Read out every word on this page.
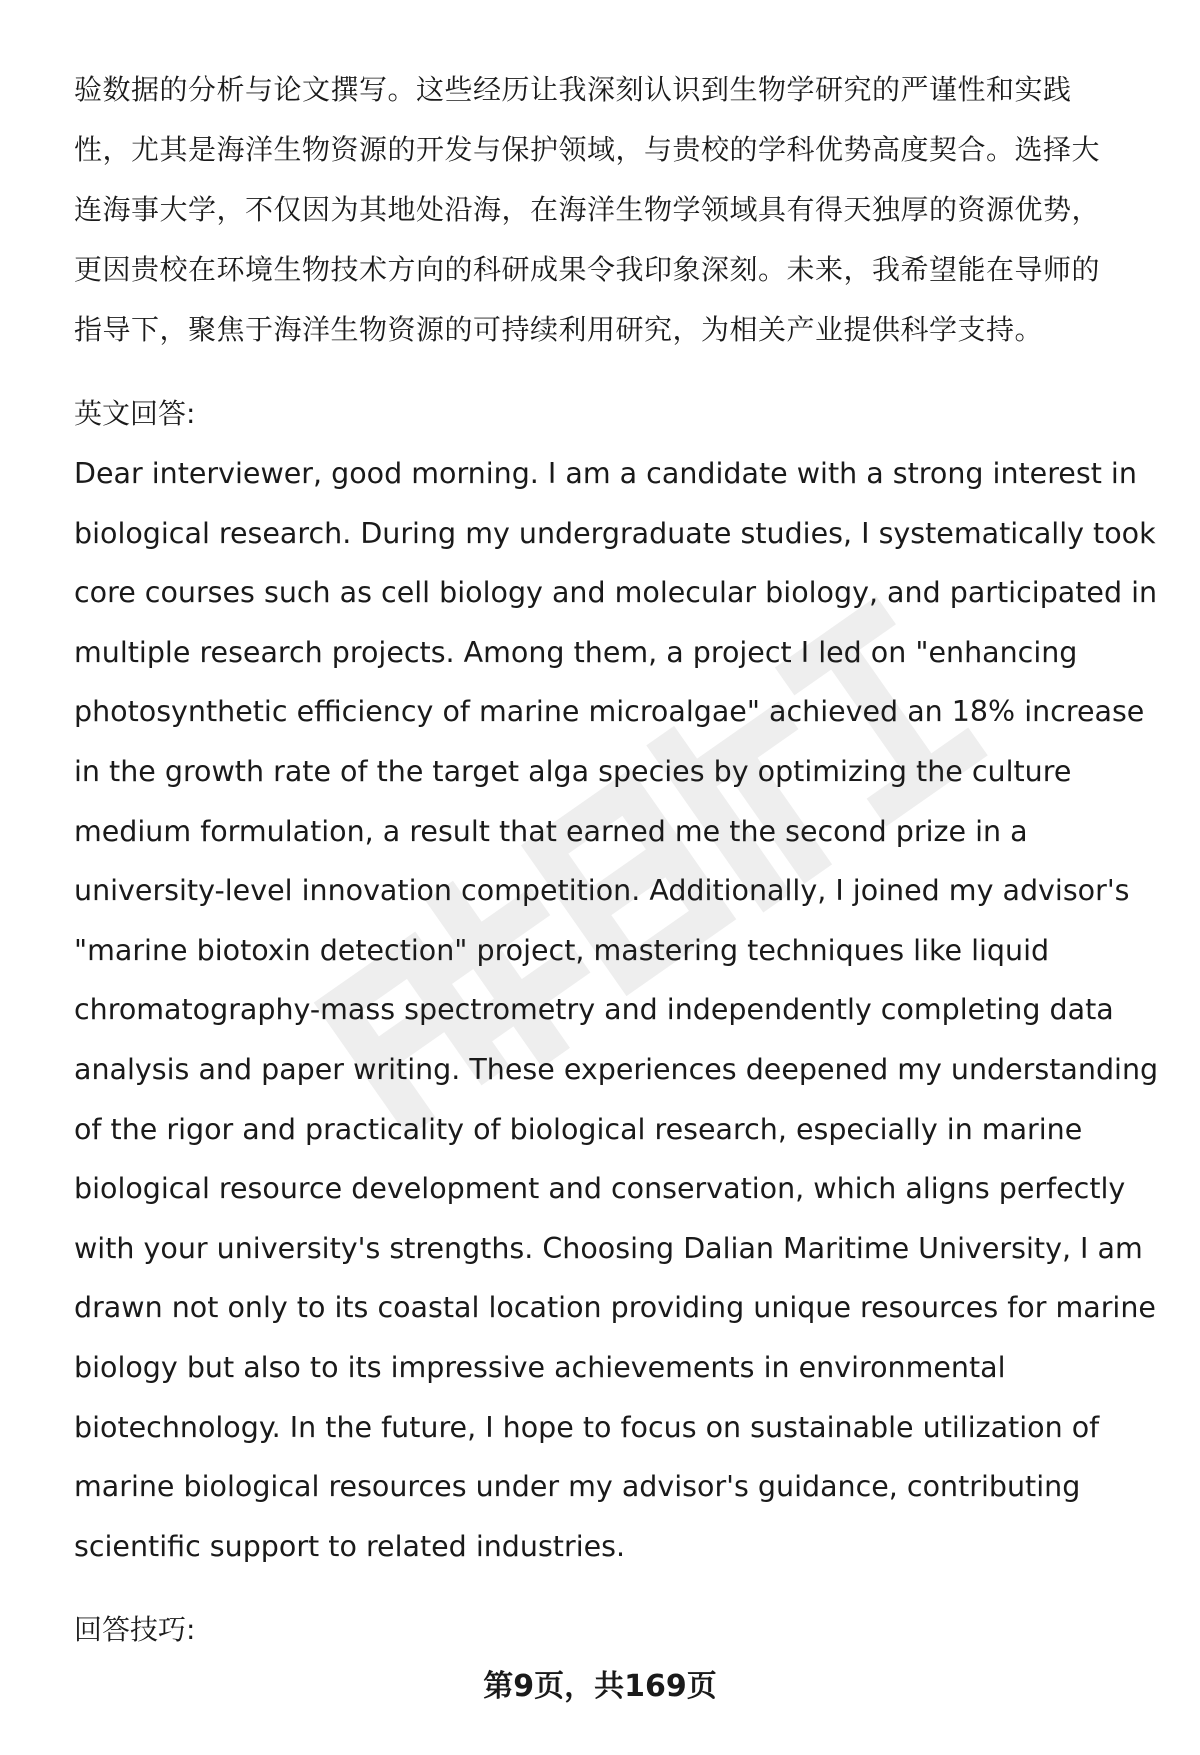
验数据的分析与论文撰写。这些经历让我深刻认识到生物学研究的严谨性和实践

性，尤其是海洋生物资源的开发与保护领域，与贵校的学科优势高度契合。选择大

连海事大学，不仅因为其地处沿海，在海洋生物学领域具有得天独厚的资源优势，

更因贵校在环境生物技术方向的科研成果令我印象深刻。未来，我希望能在导师的

指导下，聚焦于海洋生物资源的可持续利用研究，为相关产业提供科学支持。

英文回答:

Dear interviewer, good morning. I am a candidate with a strong interest in

biological research. During my undergraduate studies, I systematically took

core courses such as cell biology and molecular biology, and participated in

multiple research projects. Among them, a project I led on "enhancing

photosynthetic efficiency of marine microalgae" achieved an 18% increase

in the growth rate of the target alga species by optimizing the culture

medium formulation, a result that earned me the second prize in a

university-level innovation competition. Additionally, I joined my advisor's

"marine biotoxin detection" project, mastering techniques like liquid

chromatography-mass spectrometry and independently completing data

analysis and paper writing. These experiences deepened my understanding

of the rigor and practicality of biological research, especially in marine

biological resource development and conservation, which aligns perfectly

with your university's strengths. Choosing Dalian Maritime University, I am

drawn not only to its coastal location providing unique resources for marine

biology but also to its impressive achievements in environmental

biotechnology. In the future, I hope to focus on sustainable utilization of

marine biological resources under my advisor's guidance, contributing

scientific support to related industries.

回答技巧:

第9页，共169页
